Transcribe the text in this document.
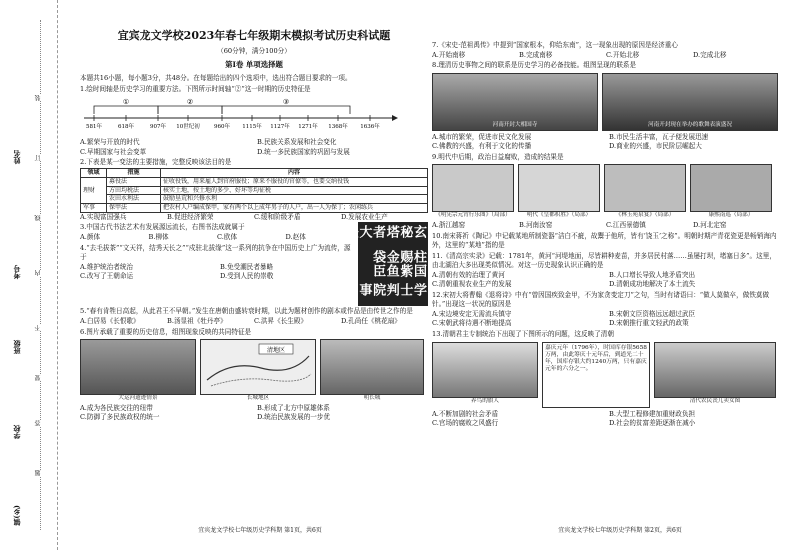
姓名
考号
班级
学校
镇(乡)
装
订
线
内
不
要
答
题
宜宾龙文学校2023年春七年级期末模拟考试历史科试题
（60分钟，满分100分）
第Ⅰ卷 单项选择题
本题共16小题，每小题3分，共48分。在每题给出的四个选项中，选出符合题目要求的一项。
1.绘时间轴是历史学习的重要方法。下图所示时间轴“②”这一时期的历史特征是
①	②	③
581年	618年	907年 10世纪初	960年 1115年 1127年 1271年 1368年 1636年
A.繁荣与开放的时代	B.民族关系发展和社会变化
C.早期国家与社会变革	D.统一多民族国家的巩固与发展
2.下表是某一变法的主要措施，完整反映该法目的是
领域	措施	内容
理财	募役法	征收役钱，用来雇人到官府服役；原来不服役的官僚等，也要交纳役钱
	方田均税法	核实土地，按土地的多少、好坏等均征税
	农田水利法	鼓励垦荒和兴修水利
军事	保甲法	把农村人户编成保甲，家有两个以上成年男子的人户，出一人为保丁；农闲练兵
A.实现富国强兵	B.促进经济繁荣	C.缓和阶级矛盾	D.发展农业生产
3.中国古代书法艺术有发展源远流长，右图书法成就属于
A.颜体	B.柳体	C.欧体	D.赵体
4.“去毛拔茶”“文天祥，结秀天长之”“戍驻北拔缘”这一系列的抗争在中国历史上广为流传，源于
A.维护统治者统治	B.免受潮民者暴略
C.改写了王朝命运	D.受到人民的崇敬
学士判院事
柱国赐紫金鱼袋臣
玄秘塔者大法
5.“春有肯牲日高起，从此君王不早朝。”发生在唐朝由盛转衰时期，以此为题材创作的剧本或作品是由传世之作的是
A.白居易《长恨歌》	B.汤显祖《牡丹亭》	C.洪昇《长生殿》	D.孔尚任《桃花扇》
6.图片承载了重要的历史信息，组图现象反映的共同特征是
大运河遗迹情景
清地区
长城地区	明长城
A.成为各民族交往的纽带	B.形成了北方中原雄体系
C.防御了多民族政权的统一	D.统治民族发展的一步优
宜宾龙文学校七年级历史学科期 第1页，共6页
7.《宋史·范祖禹传》中提到“国家根本，仰给东南”，这一现象出现的原因是经济重心
A.开始南移	B.完成南移	C.开始北移	D.完成北移
8.理清历史事物之间的联系是历史学习的必备技能。组图呈现的联系是
河南开封大相国寺	河南开封现在举办的歌舞表演盛况
A.城市的繁荣，促进市民文化发展	B.市民生活丰富，瓦子便发展迅速
C.佛教的兴盛，有利于文化的传播	D.商业的兴盛，市民阶层崛起大
9.明代中后期，政治日益腐败，造成的结果是
《明宪宗元宵行乐图》（局部）	明代《皇都积胜》（局部）	《林玉苑泉宴》（局部）	康熙南巡（局部）
A.浙江越窑	B.河南汝窑	C.江西景德镇	D.河北定窑
10.南宋蒋祈《陶记》中记载某地所制瓷器“洁白不疵，故鬻于他所，皆有‘饶玉’之称”。明朝时期产青花瓷更是畅销海内外，这里的“某地”指的是
11.《清高宗实录》记载：1781年，黄河“河堤地面，尽皆耕种麦苗，并多居民村落……虽屡打坝，堵塞日多”。这里，由北湖泊大多出现类似情况。对这一历史现象认识正确的是
A.清朝有效的治理了黄河	B.人口增长导致人地矛盾突出
C.清朝重视农业生产的发展	D.清朝成功地解决了本土流失
12.宋初大将曹翰《退将诗》中有“曾因国疾致金甲，不为家贪变定刀”之句，当时有诸语曰：“做人莫做卒，做铁莫做针。”出现这一状况的原因是
A.宋边境安定无需流兵镇守	B.宋朝文臣资格远远超过武臣
C.宋朝武将待遇不断地提高	D.宋朝推行重文轻武的政策
13.清朝君主专制统治下出现了下图所示的问题，这反映了清朝
养鸟的旗人
嘉庆元年（1796年），时国库存银5658万两，由此筹庆十元年后，到道光二十年，国库存银大约1240万两，只有嘉庆元年的六分之一。
清代农民丧儿卖女图
A.不断加剧的社会矛盾	B.大型工程修建加重财政负担
C.官场的腐败之风盛行	D.社会的贫富差距逐渐在减小
宜宾龙文学校七年级历史学科期 第2页，共6页
